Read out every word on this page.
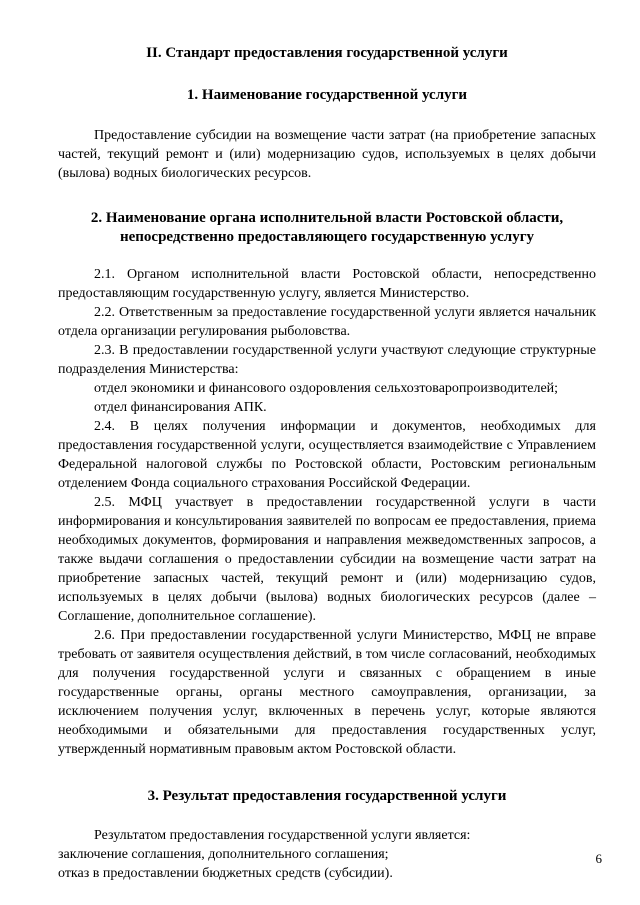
II. Стандарт предоставления государственной услуги

1. Наименование государственной услуги

Предоставление субсидии на возмещение части затрат (на приобретение запасных частей, текущий ремонт и (или) модернизацию судов, используемых в целях добычи (вылова) водных биологических ресурсов.

2. Наименование органа исполнительной власти Ростовской области,
непосредственно предоставляющего государственную услугу

2.1. Органом исполнительной власти Ростовской области, непосредственно предоставляющим государственную услугу, является Министерство.

2.2. Ответственным за предоставление государственной услуги является начальник отдела организации регулирования рыболовства.

2.3. В предоставлении государственной услуги участвуют следующие структурные подразделения Министерства:

отдел экономики и финансового оздоровления сельхозтоваропроизводителей;

отдел финансирования АПК.

2.4. В целях получения информации и документов, необходимых для предоставления государственной услуги, осуществляется взаимодействие с Управлением Федеральной налоговой службы по Ростовской области, Ростовским региональным отделением Фонда социального страхования Российской Федерации.

2.5. МФЦ участвует в предоставлении государственной услуги в части информирования и консультирования заявителей по вопросам ее предоставления, приема необходимых документов, формирования и направления межведомственных запросов, а также выдачи соглашения о предоставлении субсидии на возмещение части затрат на приобретение запасных частей, текущий ремонт и (или) модернизацию судов, используемых в целях добычи (вылова) водных биологических ресурсов (далее – Соглашение, дополнительное соглашение).

2.6. При предоставлении государственной услуги Министерство, МФЦ не вправе требовать от заявителя осуществления действий, в том числе согласований, необходимых для получения государственной услуги и связанных с обращением в иные государственные органы, органы местного самоуправления, организации, за исключением получения услуг, включенных в перечень услуг, которые являются необходимыми и обязательными для предоставления государственных услуг, утвержденный нормативным правовым актом Ростовской области.

3. Результат предоставления государственной услуги

Результатом предоставления государственной услуги является:

заключение соглашения, дополнительного соглашения;

отказ в предоставлении бюджетных средств (субсидии).

6
